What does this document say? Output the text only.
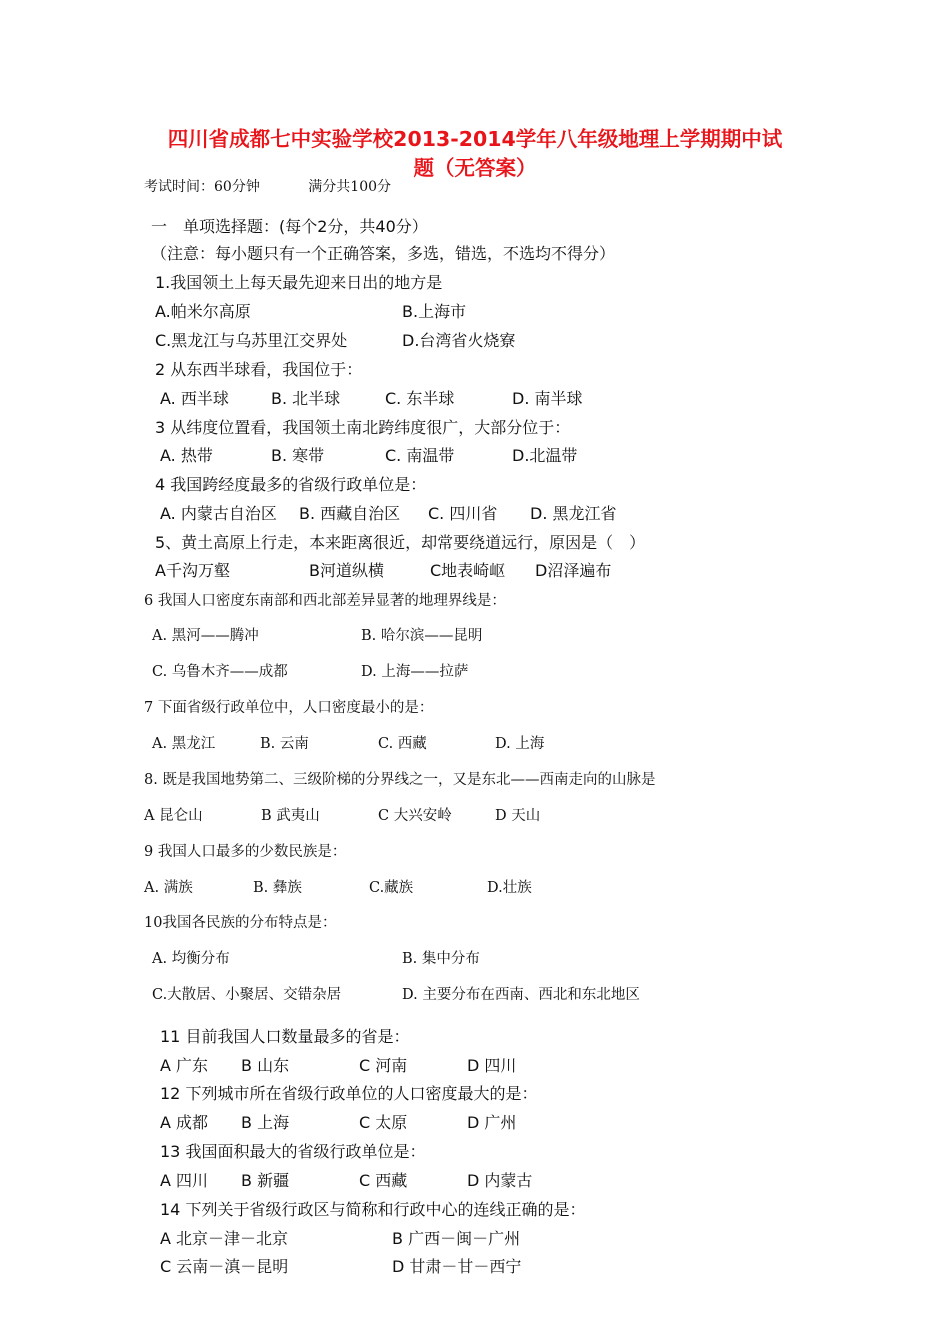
四川省成都七中实验学校2013-2014学年八年级地理上学期期中试
题（无答案）
考试时间：60分钟	满分共100分
一　单项选择题：(每个2分，共40分）
（注意：每小题只有一个正确答案，多选，错选，不选均不得分）
1.我国领土上每天最先迎来日出的地方是
A.帕米尔高原	B.上海市
C.黑龙江与乌苏里江交界处	D.台湾省火烧寮
2 从东西半球看，我国位于：
A. 西半球	B. 北半球	C. 东半球	D. 南半球
3 从纬度位置看，我国领土南北跨纬度很广，大部分位于：
A. 热带	B. 寒带	C. 南温带	D.北温带
4 我国跨经度最多的省级行政单位是：
A. 内蒙古自治区 B. 西藏自治区 C. 四川省 D. 黑龙江省
5、黄土高原上行走，本来距离很近，却常要绕道远行，原因是（　）
A千沟万壑	B河道纵横	C地表崎岖 D沼泽遍布
6 我国人口密度东南部和西北部差异显著的地理界线是：
A. 黑河——腾冲	B. 哈尔滨——昆明
C. 乌鲁木齐——成都	D. 上海——拉萨
7 下面省级行政单位中，人口密度最小的是：
A. 黑龙江	B. 云南	C. 西藏	D. 上海
8. 既是我国地势第二、三级阶梯的分界线之一，又是东北——西南走向的山脉是
A 昆仑山	B 武夷山	C 大兴安岭	D 天山
9 我国人口最多的少数民族是：
A. 满族	B. 彝族	C.藏族	D.壮族
10我国各民族的分布特点是：
A. 均衡分布	B. 集中分布
C.大散居、小聚居、交错杂居	D. 主要分布在西南、西北和东北地区
11 目前我国人口数量最多的省是：
A 广东 B 山东	C 河南	D 四川
12 下列城市所在省级行政单位的人口密度最大的是：
A 成都 B 上海	C 太原	D 广州
13 我国面积最大的省级行政单位是：
A 四川 B 新疆	C 西藏	D 内蒙古
14 下列关于省级行政区与简称和行政中心的连线正确的是：
A 北京－津－北京	B 广西－闽－广州
C 云南－滇－昆明	D 甘肃－甘－西宁
